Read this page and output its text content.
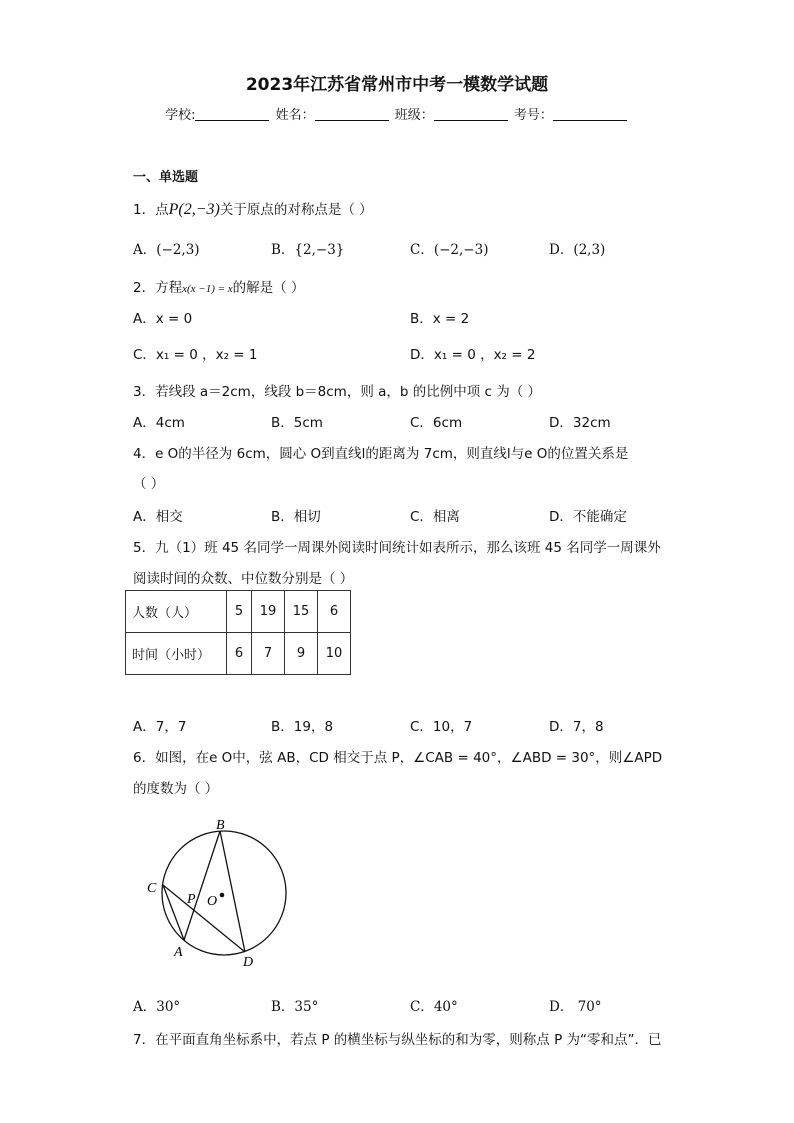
2023年江苏省常州市中考一模数学试题
学校:	姓名：	班级：	考号：
一、单选题
1．点P(2,−3)关于原点的对称点是（ ）
A．(−2,3)	B．{2,−3}	C．(−2,−3)	D．(2,3)
2．方程x(x −1) = x的解是（ ）
A．x = 0	B．x = 2
C．x₁ = 0 ，x₂ = 1	D．x₁ = 0 ，x₂ = 2
3．若线段 a＝2cm，线段 b＝8cm，则 a，b 的比例中项 c 为（ ）
A．4cm	B．5cm	C．6cm	D．32cm
4．e O的半径为 6cm，圆心 O到直线l的距离为 7cm，则直线l与e O的位置关系是
（ ）
A．相交	B．相切	C．相离	D．不能确定
5．九（1）班 45 名同学一周课外阅读时间统计如表所示，那么该班 45 名同学一周课外
阅读时间的众数、中位数分别是（ ）
人数（人）	5	19	15	6
时间（小时）	6	7	9	10
A．7，7	B．19，8	C．10，7	D．7，8
6．如图，在e O中，弦 AB，CD 相交于点 P，∠CAB = 40°，∠ABD = 30°，则∠APD
的度数为（ ）
B
C
P O
A
D
A．30°	B．35°	C．40°	D． 70°
7．在平面直角坐标系中，若点 P 的横坐标与纵坐标的和为零，则称点 P 为“零和点”．已
